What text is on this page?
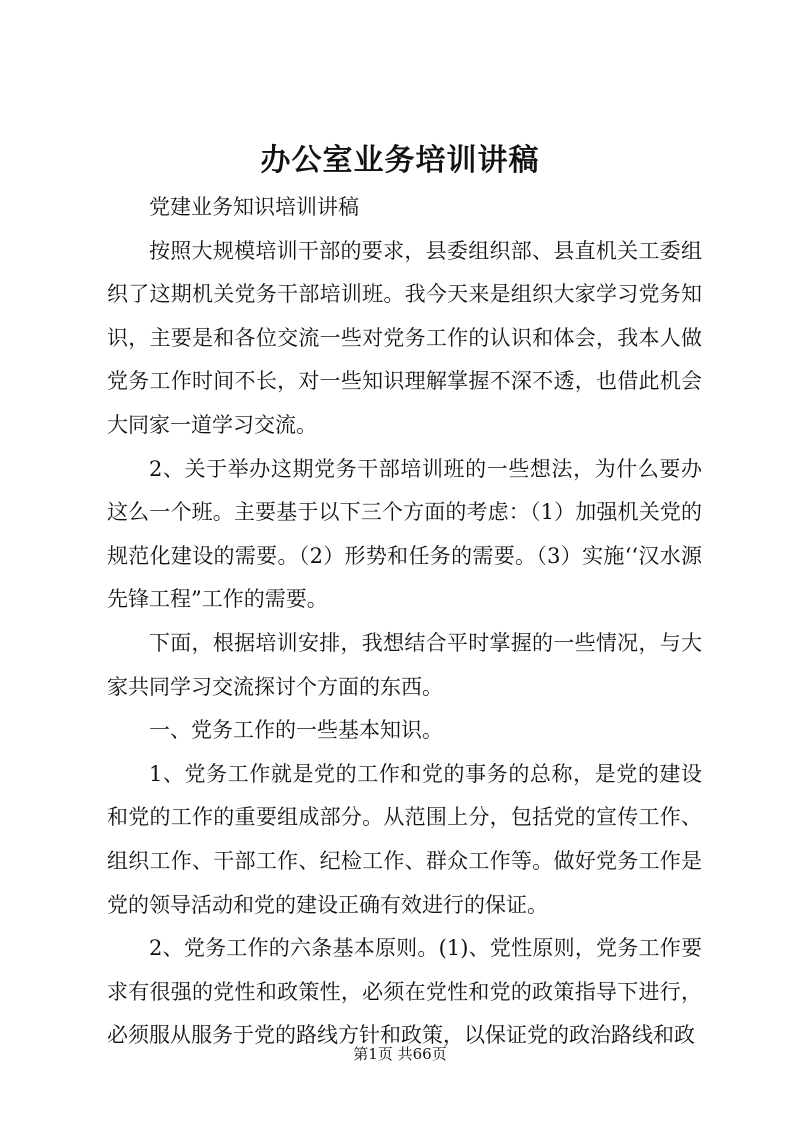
办公室业务培训讲稿

党建业务知识培训讲稿

按照大规模培训干部的要求，县委组织部、县直机关工委组织了这期机关党务干部培训班。我今天来是组织大家学习党务知识，主要是和各位交流一些对党务工作的认识和体会，我本人做党务工作时间不长，对一些知识理解掌握不深不透，也借此机会大同家一道学习交流。

2、关于举办这期党务干部培训班的一些想法，为什么要办这么一个班。主要基于以下三个方面的考虑：（1）加强机关党的规范化建设的需要。（2）形势和任务的需要。（3）实施‘‘汉水源先锋工程”工作的需要。

下面，根据培训安排，我想结合平时掌握的一些情况，与大家共同学习交流探讨个方面的东西。

一、党务工作的一些基本知识。

1、党务工作就是党的工作和党的事务的总称，是党的建设和党的工作的重要组成部分。从范围上分，包括党的宣传工作、组织工作、干部工作、纪检工作、群众工作等。做好党务工作是党的领导活动和党的建设正确有效进行的保证。

2、党务工作的六条基本原则。(1)、党性原则，党务工作要求有很强的党性和政策性，必须在党性和党的政策指导下进行，必须服从服务于党的路线方针和政策，以保证党的政治路线和政

第1页 共66页
